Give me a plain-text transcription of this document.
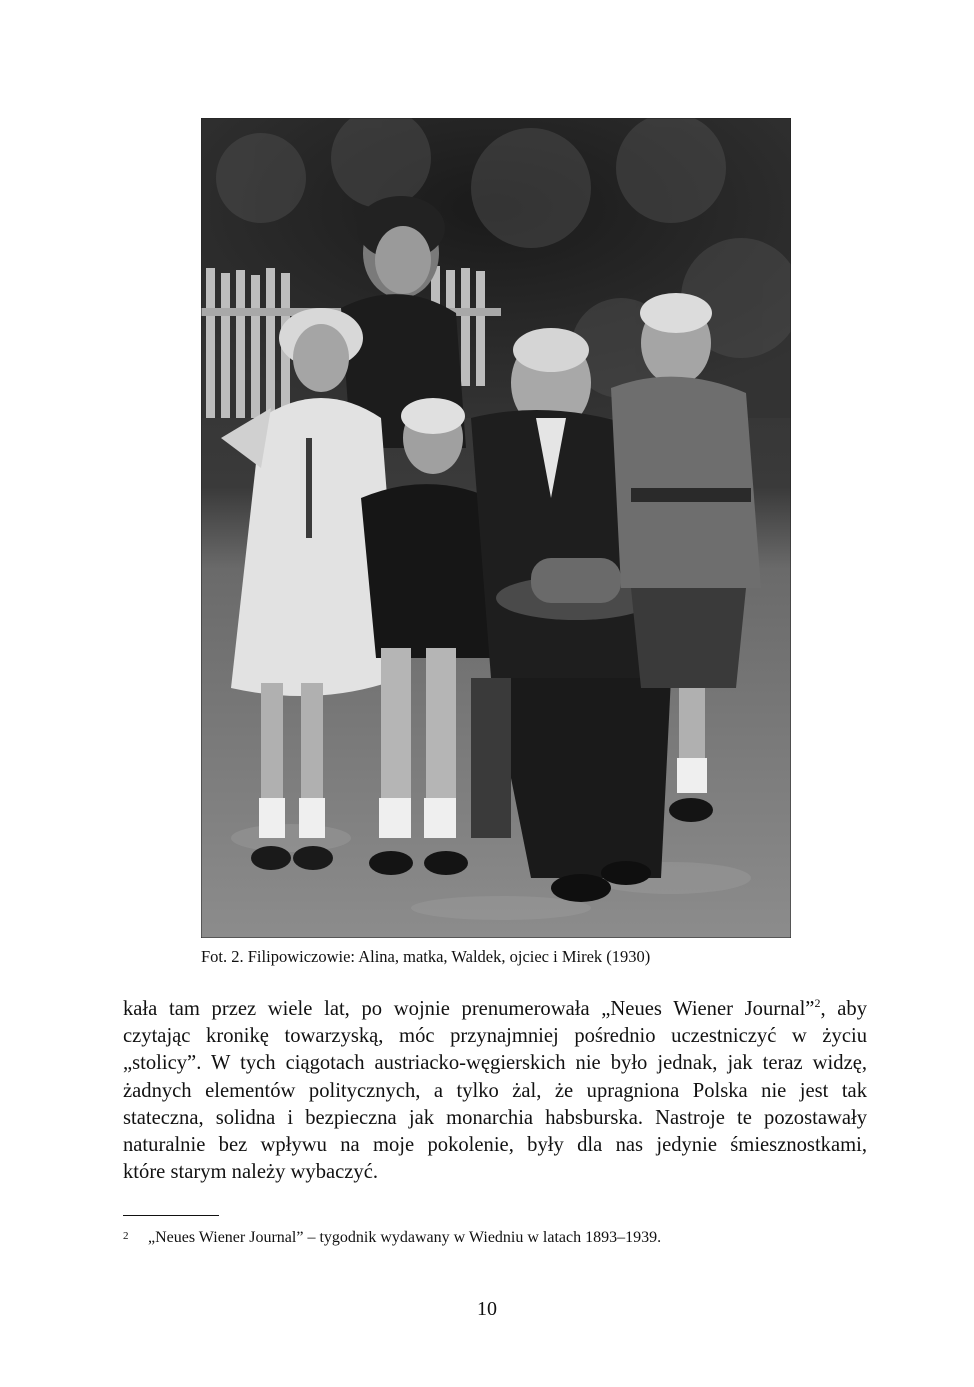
Fot. 2. Filipowiczowie: Alina, matka, Waldek, ojciec i Mirek (1930)
kała tam przez wiele lat, po wojnie prenumerowała „Neues Wiener Journal”$^2$, aby
czytając kronikę towarzyską, móc przynajmniej pośrednio uczestniczyć w życiu
„stolicy”. W tych ciągotach austriacko-węgierskich nie było jednak, jak teraz widzę,
żadnych elementów politycznych, a tylko żal, że upragniona Polska nie jest tak
stateczna, solidna i bezpieczna jak monarchia habsburska. Nastroje te pozostawały
naturalnie bez wpływu na moje pokolenie, były dla nas jedynie śmiesznostkami,
które starym należy wybaczyć.
2 „Neues Wiener Journal” – tygodnik wydawany w Wiedniu w latach 1893–1939.
10
